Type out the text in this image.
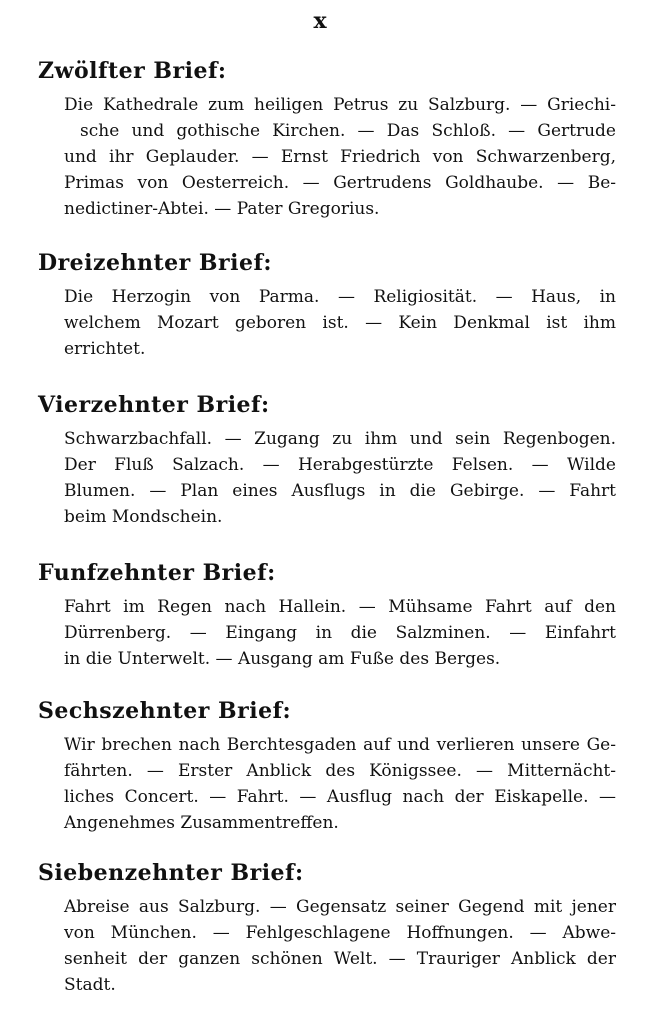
x
Zwölfter Brief:
Die Kathedrale zum heiligen Petrus zu Salzburg. — Griechi-
sche und gothische Kirchen. — Das Schloß. — Gertrude
und ihr Geplauder. — Ernst Friedrich von Schwarzenberg,
Primas von Oesterreich. — Gertrudens Goldhaube. — Be-
nedictiner-Abtei. — Pater Gregorius.
Dreizehnter Brief:
Die Herzogin von Parma. — Religiosität. — Haus, in
welchem Mozart geboren ist. — Kein Denkmal ist ihm
errichtet.
Vierzehnter Brief:
Schwarzbachfall. — Zugang zu ihm und sein Regenbogen.
Der Fluß Salzach. — Herabgestürzte Felsen. — Wilde
Blumen. — Plan eines Ausflugs in die Gebirge. — Fahrt
beim Mondschein.
Funfzehnter Brief:
Fahrt im Regen nach Hallein. — Mühsame Fahrt auf den
Dürrenberg. — Eingang in die Salzminen. — Einfahrt
in die Unterwelt. — Ausgang am Fuße des Berges.
Sechszehnter Brief:
Wir brechen nach Berchtesgaden auf und verlieren unsere Ge-
fährten. — Erster Anblick des Königssee. — Mitternächt-
liches Concert. — Fahrt. — Ausflug nach der Eiskapelle. —
Angenehmes Zusammentreffen.
Siebenzehnter Brief:
Abreise aus Salzburg. — Gegensatz seiner Gegend mit jener
von München. — Fehlgeschlagene Hoffnungen. — Abwe-
senheit der ganzen schönen Welt. — Trauriger Anblick der
Stadt.
